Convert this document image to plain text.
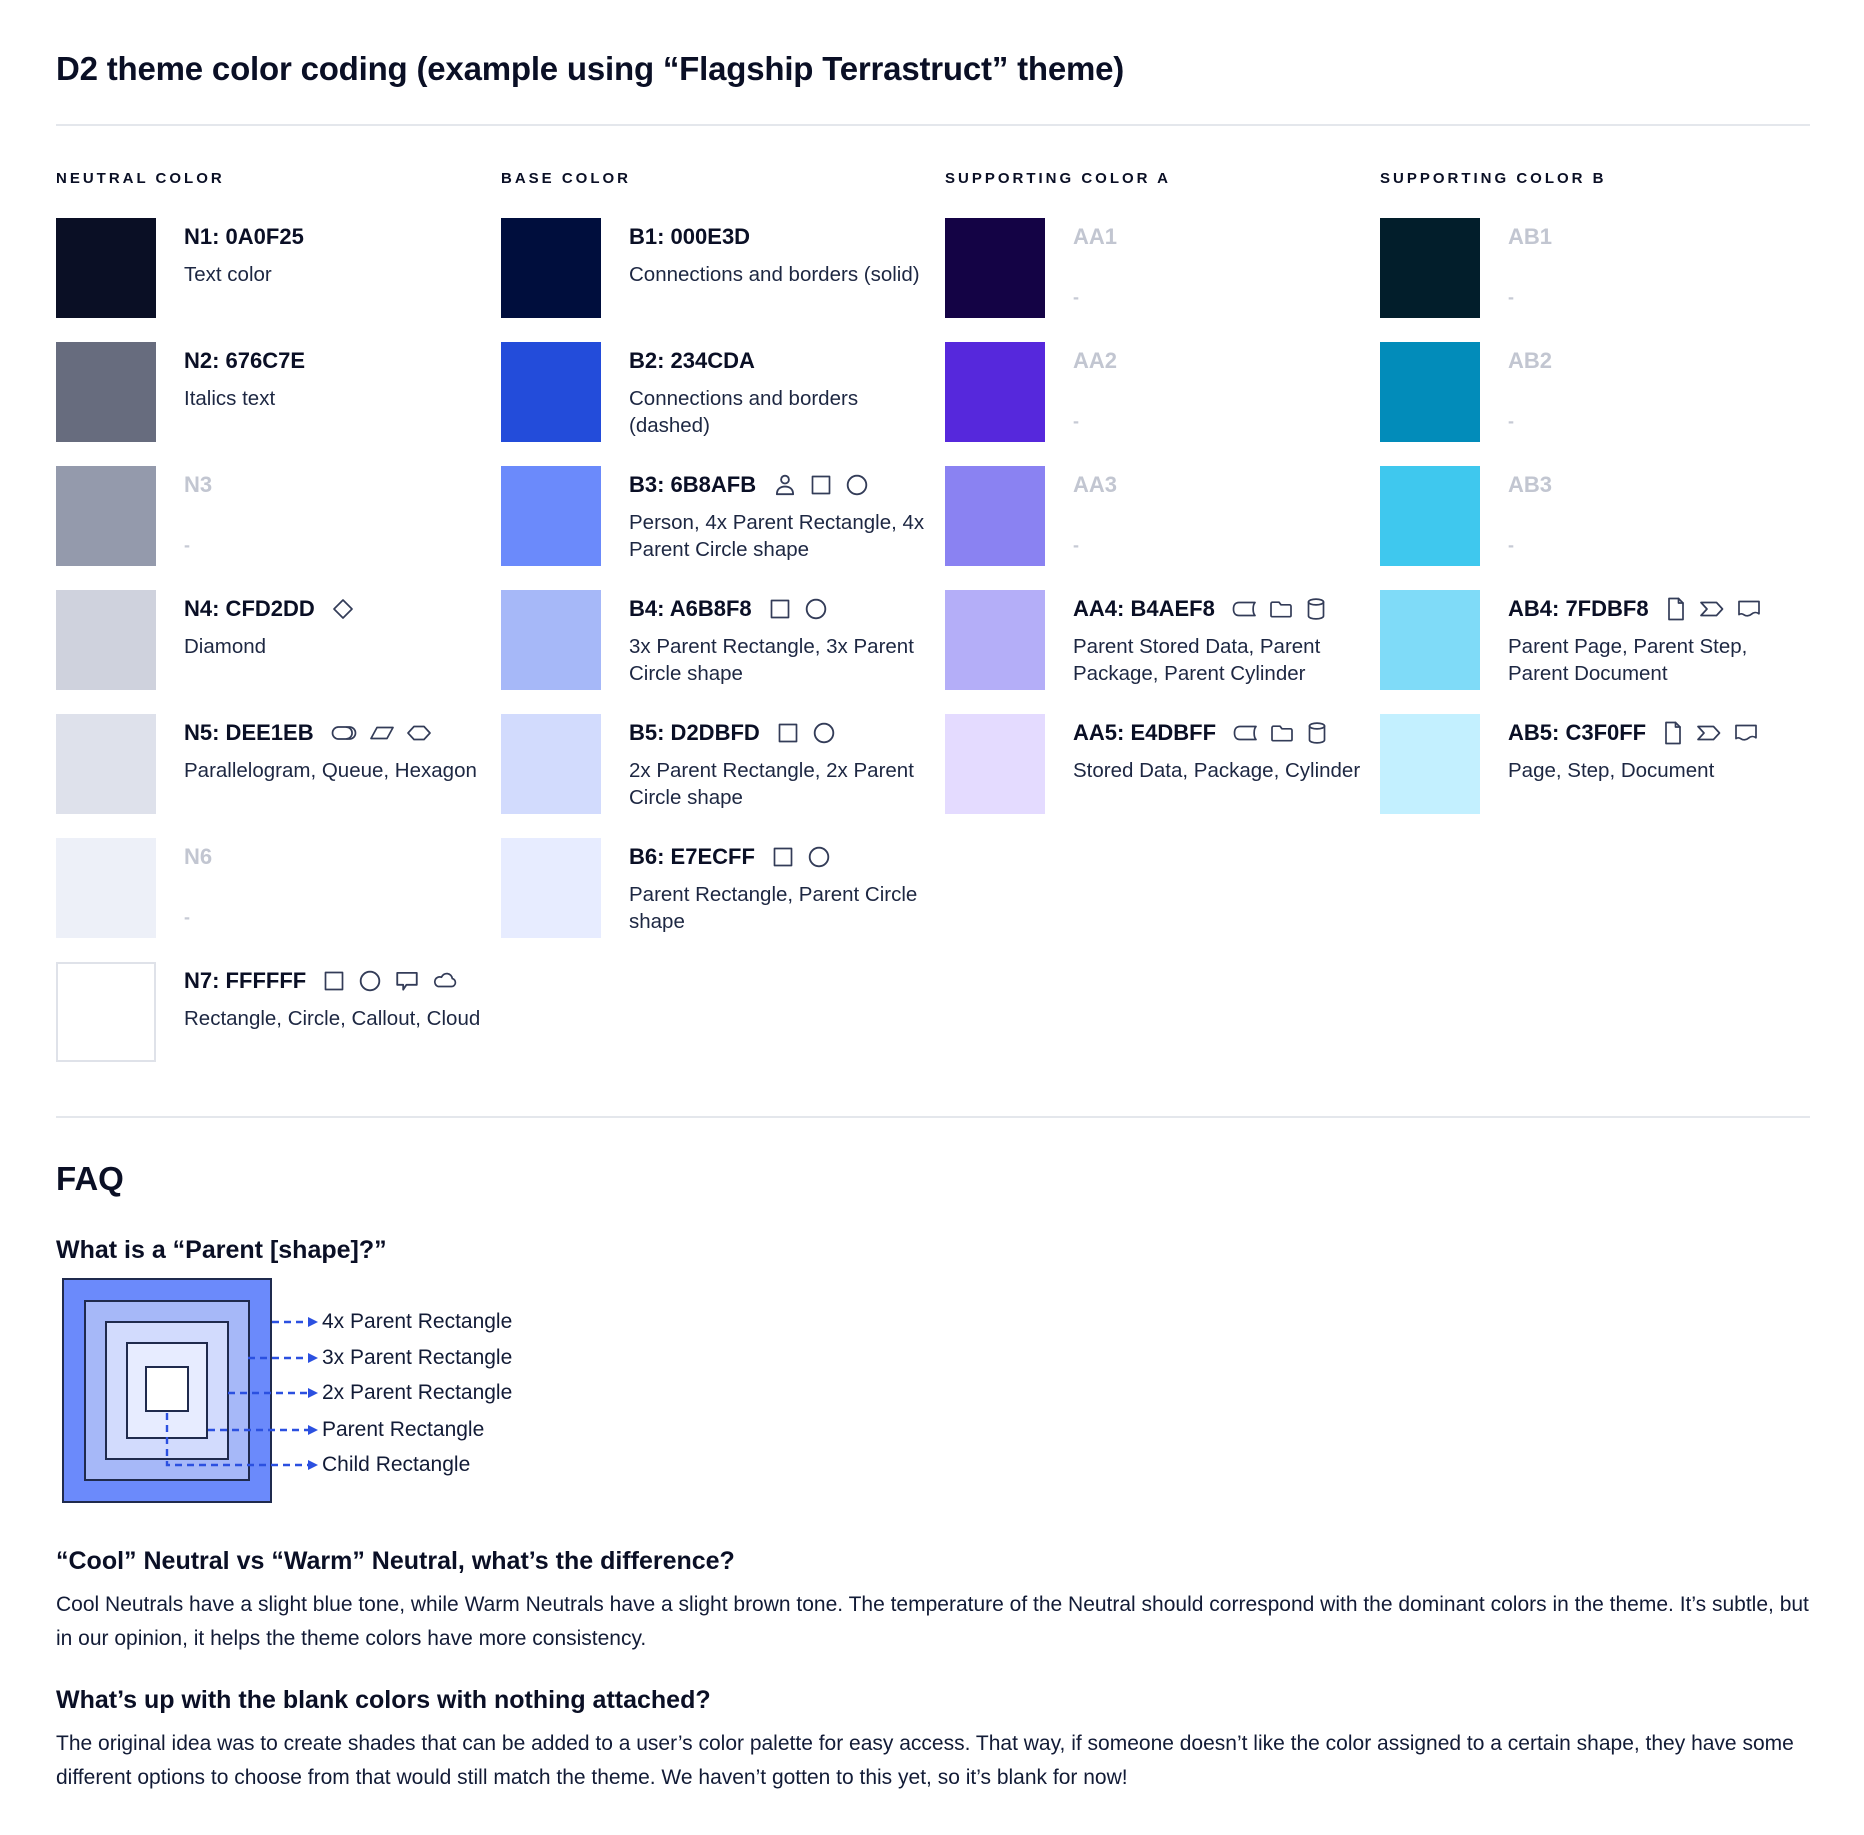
D2 theme color coding (example using “Flagship Terrastruct” theme)
NEUTRAL COLOR
N1: 0A0F25
Text color
N2: 676C7E
Italics text
N3
-
N4: CFD2DD
Diamond
N5: DEE1EB
Parallelogram, Queue, Hexagon
N6
-
N7: FFFFFF
Rectangle, Circle, Callout, Cloud
BASE COLOR
B1: 000E3D
Connections and borders (solid)
B2: 234CDA
Connections and borders (dashed)
B3: 6B8AFB
Person, 4x Parent Rectangle, 4x Parent Circle shape
B4: A6B8F8
3x Parent Rectangle, 3x Parent Circle shape
B5: D2DBFD
2x Parent Rectangle, 2x Parent Circle shape
B6: E7ECFF
Parent Rectangle, Parent Circle shape
SUPPORTING COLOR A
AA1
-
AA2
-
AA3
-
AA4: B4AEF8
Parent Stored Data, Parent Package, Parent Cylinder
AA5: E4DBFF
Stored Data, Package, Cylinder
SUPPORTING COLOR B
AB1
-
AB2
-
AB3
-
AB4: 7FDBF8
Parent Page, Parent Step, Parent Document
AB5: C3F0FF
Page, Step, Document
FAQ
What is a “Parent [shape]?”
4x Parent Rectangle
3x Parent Rectangle
2x Parent Rectangle
Parent Rectangle
Child Rectangle
“Cool” Neutral vs “Warm” Neutral, what’s the difference?

Cool Neutrals have a slight blue tone, while Warm Neutrals have a slight brown tone. The temperature of the Neutral should correspond with the dominant colors in the theme. It’s subtle, but in our opinion, it helps the theme colors have more consistency.

What’s up with the blank colors with nothing attached?

The original idea was to create shades that can be added to a user’s color palette for easy access. That way, if someone doesn’t like the color assigned to a certain shape, they have some different options to choose from that would still match the theme. We haven’t gotten to this yet, so it’s blank for now!
